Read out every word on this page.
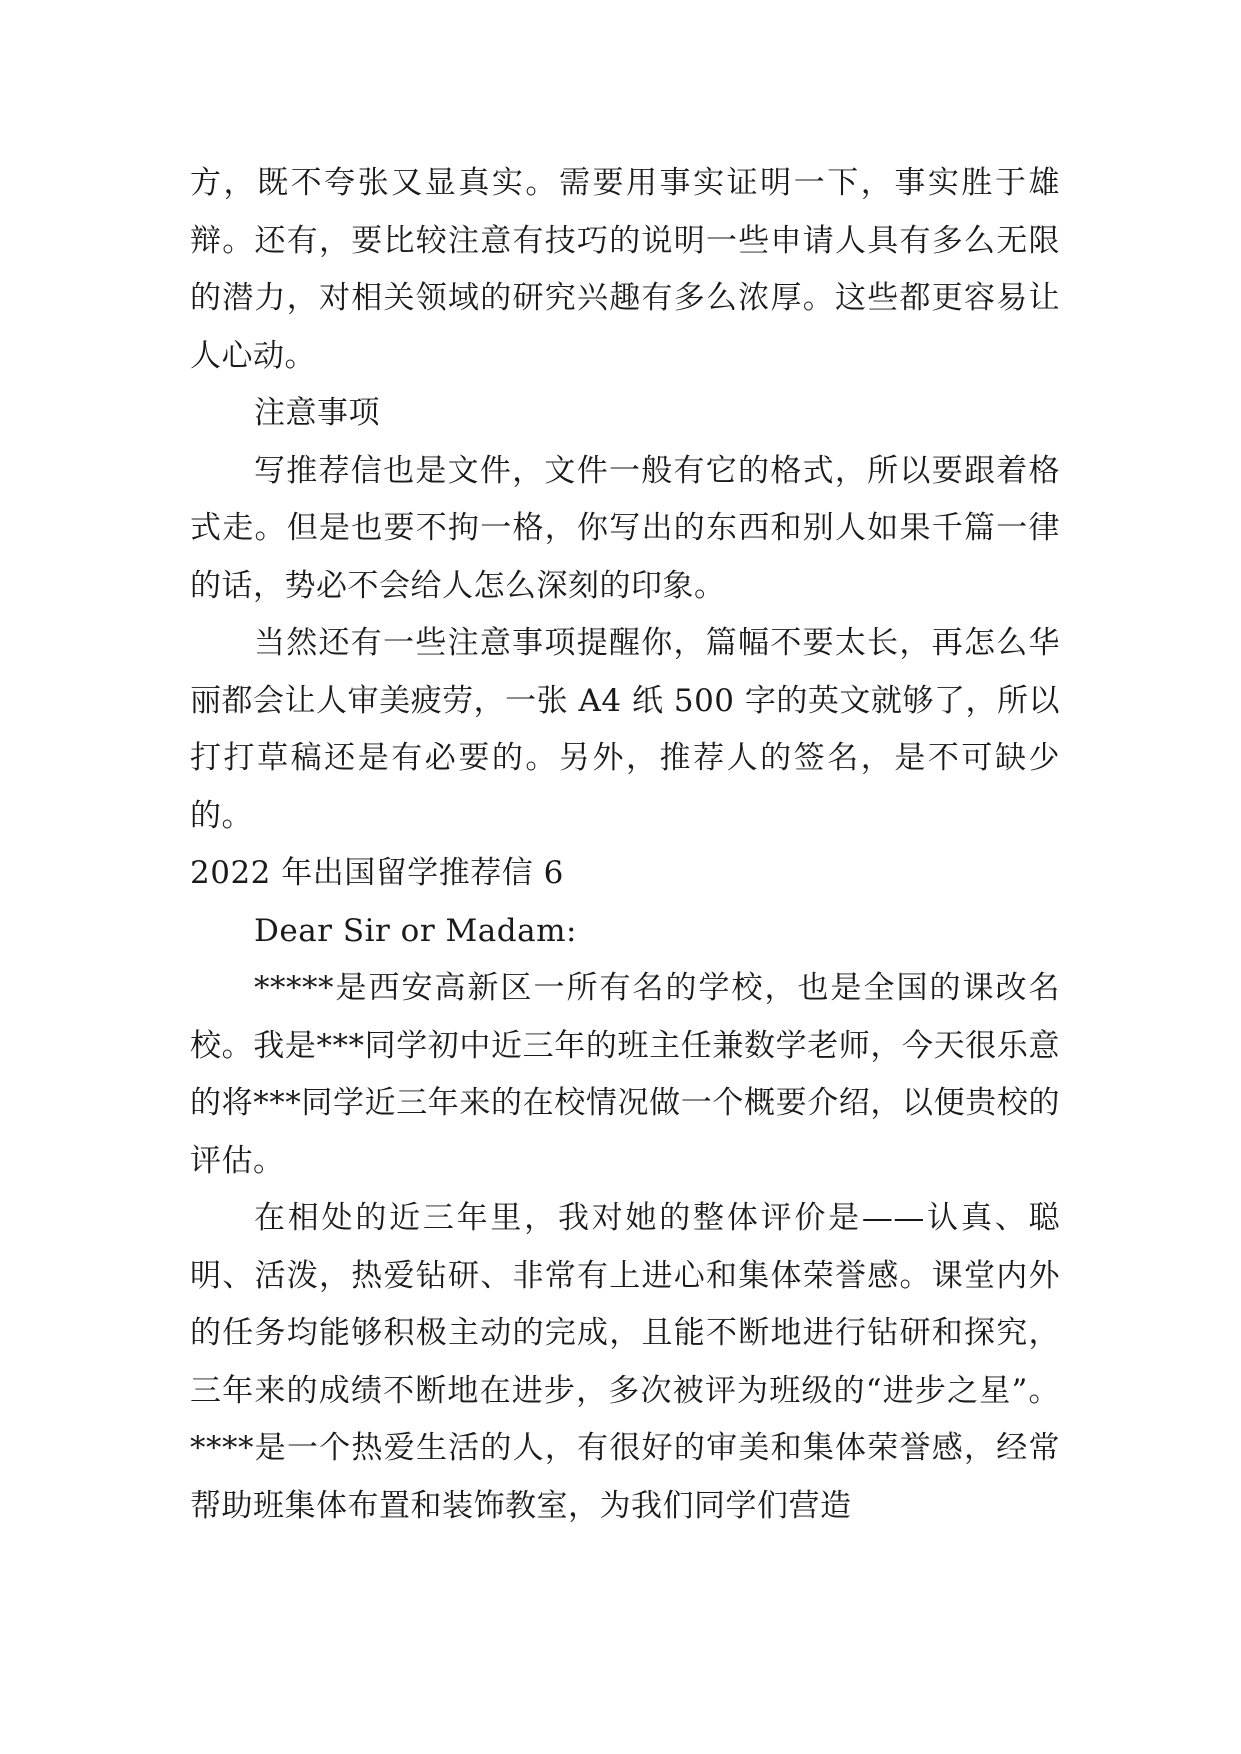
方，既不夸张又显真实。需要用事实证明一下，事实胜于雄辩。还有，要比较注意有技巧的说明一些申请人具有多么无限的潜力，对相关领域的研究兴趣有多么浓厚。这些都更容易让人心动。

注意事项

写推荐信也是文件，文件一般有它的格式，所以要跟着格式走。但是也要不拘一格，你写出的东西和别人如果千篇一律的话，势必不会给人怎么深刻的印象。

当然还有一些注意事项提醒你，篇幅不要太长，再怎么华丽都会让人审美疲劳，一张 A4 纸 500 字的英文就够了，所以打打草稿还是有必要的。另外，推荐人的签名，是不可缺少的。

2022 年出国留学推荐信 6

Dear Sir or Madam:

*****是西安高新区一所有名的学校，也是全国的课改名校。我是***同学初中近三年的班主任兼数学老师，今天很乐意的将***同学近三年来的在校情况做一个概要介绍，以便贵校的评估。

在相处的近三年里，我对她的整体评价是——认真、聪明、活泼，热爱钻研、非常有上进心和集体荣誉感。课堂内外的任务均能够积极主动的完成，且能不断地进行钻研和探究，三年来的成绩不断地在进步，多次被评为班级的“进步之星”。 ****是一个热爱生活的人，有很好的审美和集体荣誉感，经常帮助班集体布置和装饰教室，为我们同学们营造
